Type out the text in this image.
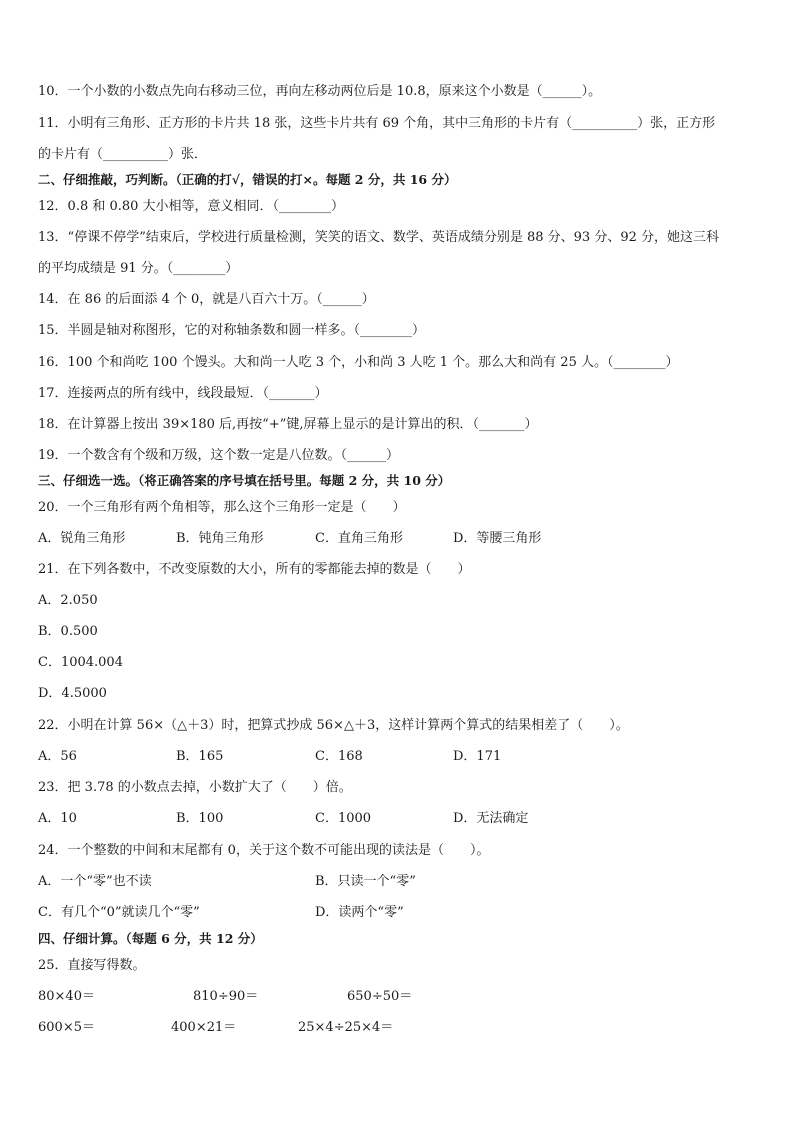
10．一个小数的小数点先向右移动三位，再向左移动两位后是 10.8，原来这个小数是（______）。
11．小明有三角形、正方形的卡片共 18 张，这些卡片共有 69 个角，其中三角形的卡片有（__________）张，正方形
的卡片有（__________）张．
二、仔细推敲，巧判断。（正确的打√，错误的打×。每题 2 分，共 16 分）
12．0.8 和 0.80 大小相等，意义相同．（________）
13．“停课不停学”结束后，学校进行质量检测，笑笑的语文、数学、英语成绩分别是 88 分、93 分、92 分，她这三科
的平均成绩是 91 分。（________）
14．在 86 的后面添 4 个 0，就是八百六十万。（______）
15．半圆是轴对称图形，它的对称轴条数和圆一样多。（________）
16．100 个和尚吃 100 个馒头。大和尚一人吃 3 个，小和尚 3 人吃 1 个。那么大和尚有 25 人。（________）
17．连接两点的所有线中，线段最短．（_______）
18．在计算器上按出 39×180 后,再按“+”键,屏幕上显示的是计算出的积．（_______）
19．一个数含有个级和万级，这个数一定是八位数。（______）
三、仔细选一选。（将正确答案的序号填在括号里。每题 2 分，共 10 分）
20．一个三角形有两个角相等，那么这个三角形一定是（　　）
A．锐角三角形	B．钝角三角形	C．直角三角形	D．等腰三角形
21．在下列各数中，不改变原数的大小，所有的零都能去掉的数是（　　）
A．2.050
B．0.500
C．1004.004
D．4.5000
22．小明在计算 56×（△＋3）时，把算式抄成 56×△＋3，这样计算两个算式的结果相差了（　　）。
A．56	B．165	C．168	D．171
23．把 3.78 的小数点去掉，小数扩大了（　　）倍。
A．10	B．100	C．1000	D．无法确定
24．一个整数的中间和末尾都有 0，关于这个数不可能出现的读法是（　　）。
A．一个“零”也不读	B．只读一个“零”
C．有几个“0”就读几个“零”	D．读两个“零”
四、仔细计算。（每题 6 分，共 12 分）
25．直接写得数。
80×40＝	810÷90＝	650÷50＝
600×5＝	400×21＝	25×4÷25×4＝
